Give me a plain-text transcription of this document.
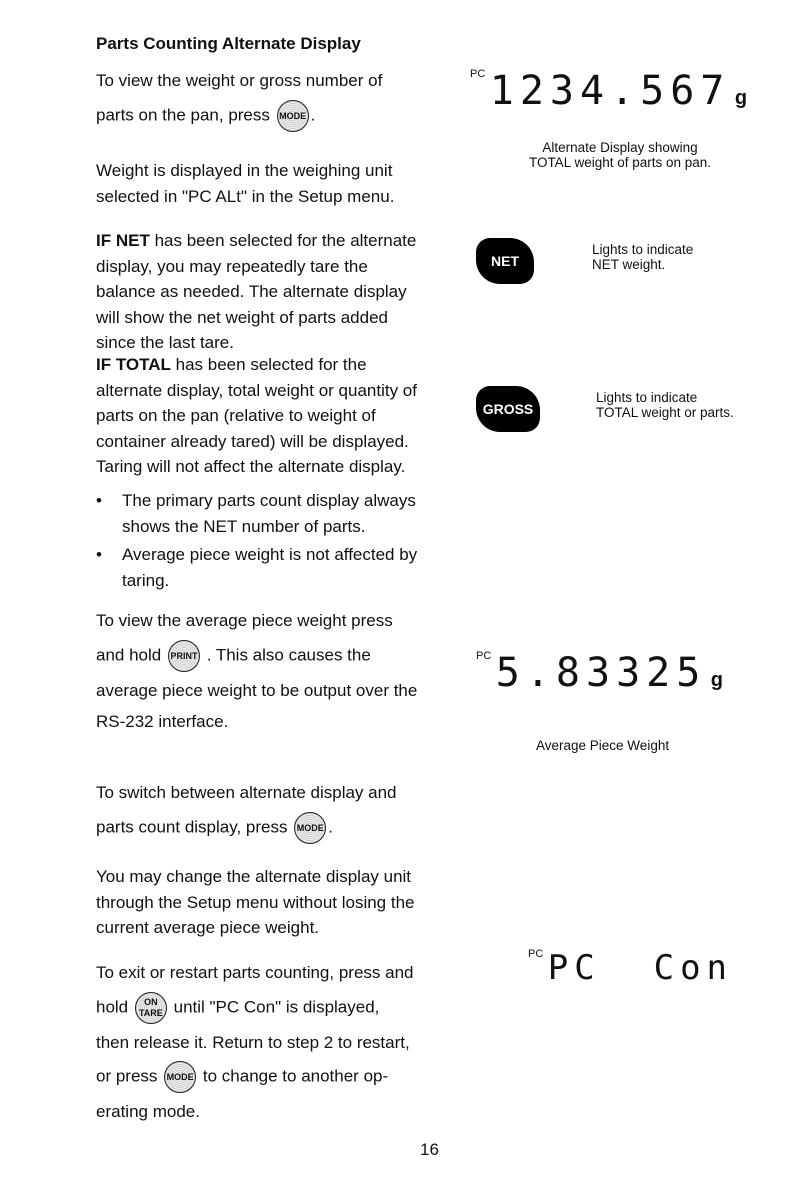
Parts Counting Alternate Display
To view the weight or gross number of
parts on the pan, press MODE .
Weight is displayed in the weighing unit selected in "PC ALt" in the Setup menu.
IF NET has been selected for the alternate display, you may repeatedly tare the balance as needed. The alternate display will show the net weight of parts added since the last tare.
IF TOTAL has been selected for the alternate display, total weight or quantity of parts on the pan (relative to weight of container already tared) will be displayed. Taring will not affect the alternate display.
• The primary parts count display always shows the NET number of parts.
• Average piece weight is not affected by taring.
To view the average piece weight press
and hold PRINT . This also causes the
average piece weight to be output over the
RS-232 interface.
To switch between alternate display and
parts count display, press MODE .
You may change the alternate display unit through the Setup menu without losing the current average piece weight.
To exit or restart parts counting, press and
hold ON
TARE until "PC Con" is displayed,
then release it. Return to step 2 to restart,
or press MODE to change to another op-
erating mode.
$^{PC}$ 1234.567 g
Alternate Display showing
TOTAL weight of parts on pan.
NET
Lights to indicate
NET weight.
GROSS
Lights to indicate
TOTAL weight or parts.
$^{PC}$ 5.83325 g
Average Piece Weight
$^{PC}$ PC  Con
16
